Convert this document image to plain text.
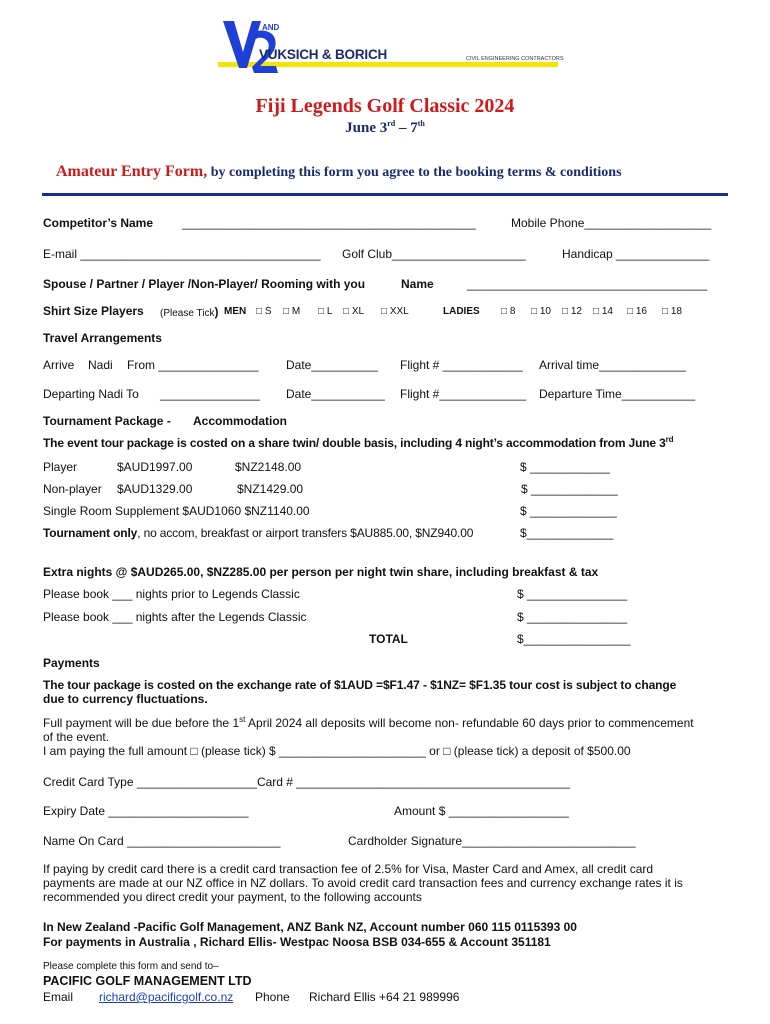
AND
VUKSICH & BORICH	CIVIL ENGINEERING CONTRACTORS
Fiji Legends Golf Classic 2024
June 3rd – 7th
Amateur Entry Form, by completing this form you agree to the booking terms & conditions
Competitor’s Name ____________________________________________	Mobile Phone___________________
E-mail ____________________________________ Golf Club____________________	Handicap ______________
Spouse / Partner / Player /Non-Player/ Rooming with you	Name	____________________________________
Shirt Size Players (Please Tick) MEN □ S □ M □ L □ XL □ XXL	LADIES □ 8 □ 10 □ 12 □ 14 □ 16 □ 18
Travel Arrangements
Arrive Nadi From _______________ Date__________ Flight # ____________ Arrival time_____________
Departing Nadi To _______________ Date___________ Flight #_____________ Departure Time___________
Tournament Package - Accommodation
The event tour package is costed on a share twin/ double basis, including 4 night’s accommodation from June 3rd
Player	$AUD1997.00	$NZ2148.00	$ ____________
Non-player $AUD1329.00	$NZ1429.00	$ _____________
Single Room Supplement $AUD1060 $NZ1140.00	$ _____________
Tournament only, no accom, breakfast or airport transfers $AU885.00, $NZ940.00	$_____________
Extra nights @ $AUD265.00, $NZ285.00 per person per night twin share, including breakfast & tax
Please book ___ nights prior to Legends Classic	$ _______________
Please book ___ nights after the Legends Classic	$ _______________
TOTAL	$________________
Payments
The tour package is costed on the exchange rate of $1AUD =$F1.47 - $1NZ= $F1.35 tour cost is subject to change
due to currency fluctuations.
Full payment will be due before the 1st April 2024 all deposits will become non- refundable 60 days prior to commencement
of the event.
I am paying the full amount □ (please tick) $ ______________________ or □ (please tick) a deposit of $500.00
Credit Card Type __________________Card # _________________________________________
Expiry Date _____________________	Amount $ __________________
Name On Card _______________________	Cardholder Signature__________________________
If paying by credit card there is a credit card transaction fee of 2.5% for Visa, Master Card and Amex, all credit card
payments are made at our NZ office in NZ dollars. To avoid credit card transaction fees and currency exchange rates it is
recommended you direct credit your payment, to the following accounts
In New Zealand -Pacific Golf Management, ANZ Bank NZ, Account number 060 115 0115393 00
For payments in Australia , Richard Ellis- Westpac Noosa BSB 034-655 & Account 351181
Please complete this form and send to–
PACIFIC GOLF MANAGEMENT LTD
Email richard@pacificgolf.co.nz Phone Richard Ellis +64 21 989996
